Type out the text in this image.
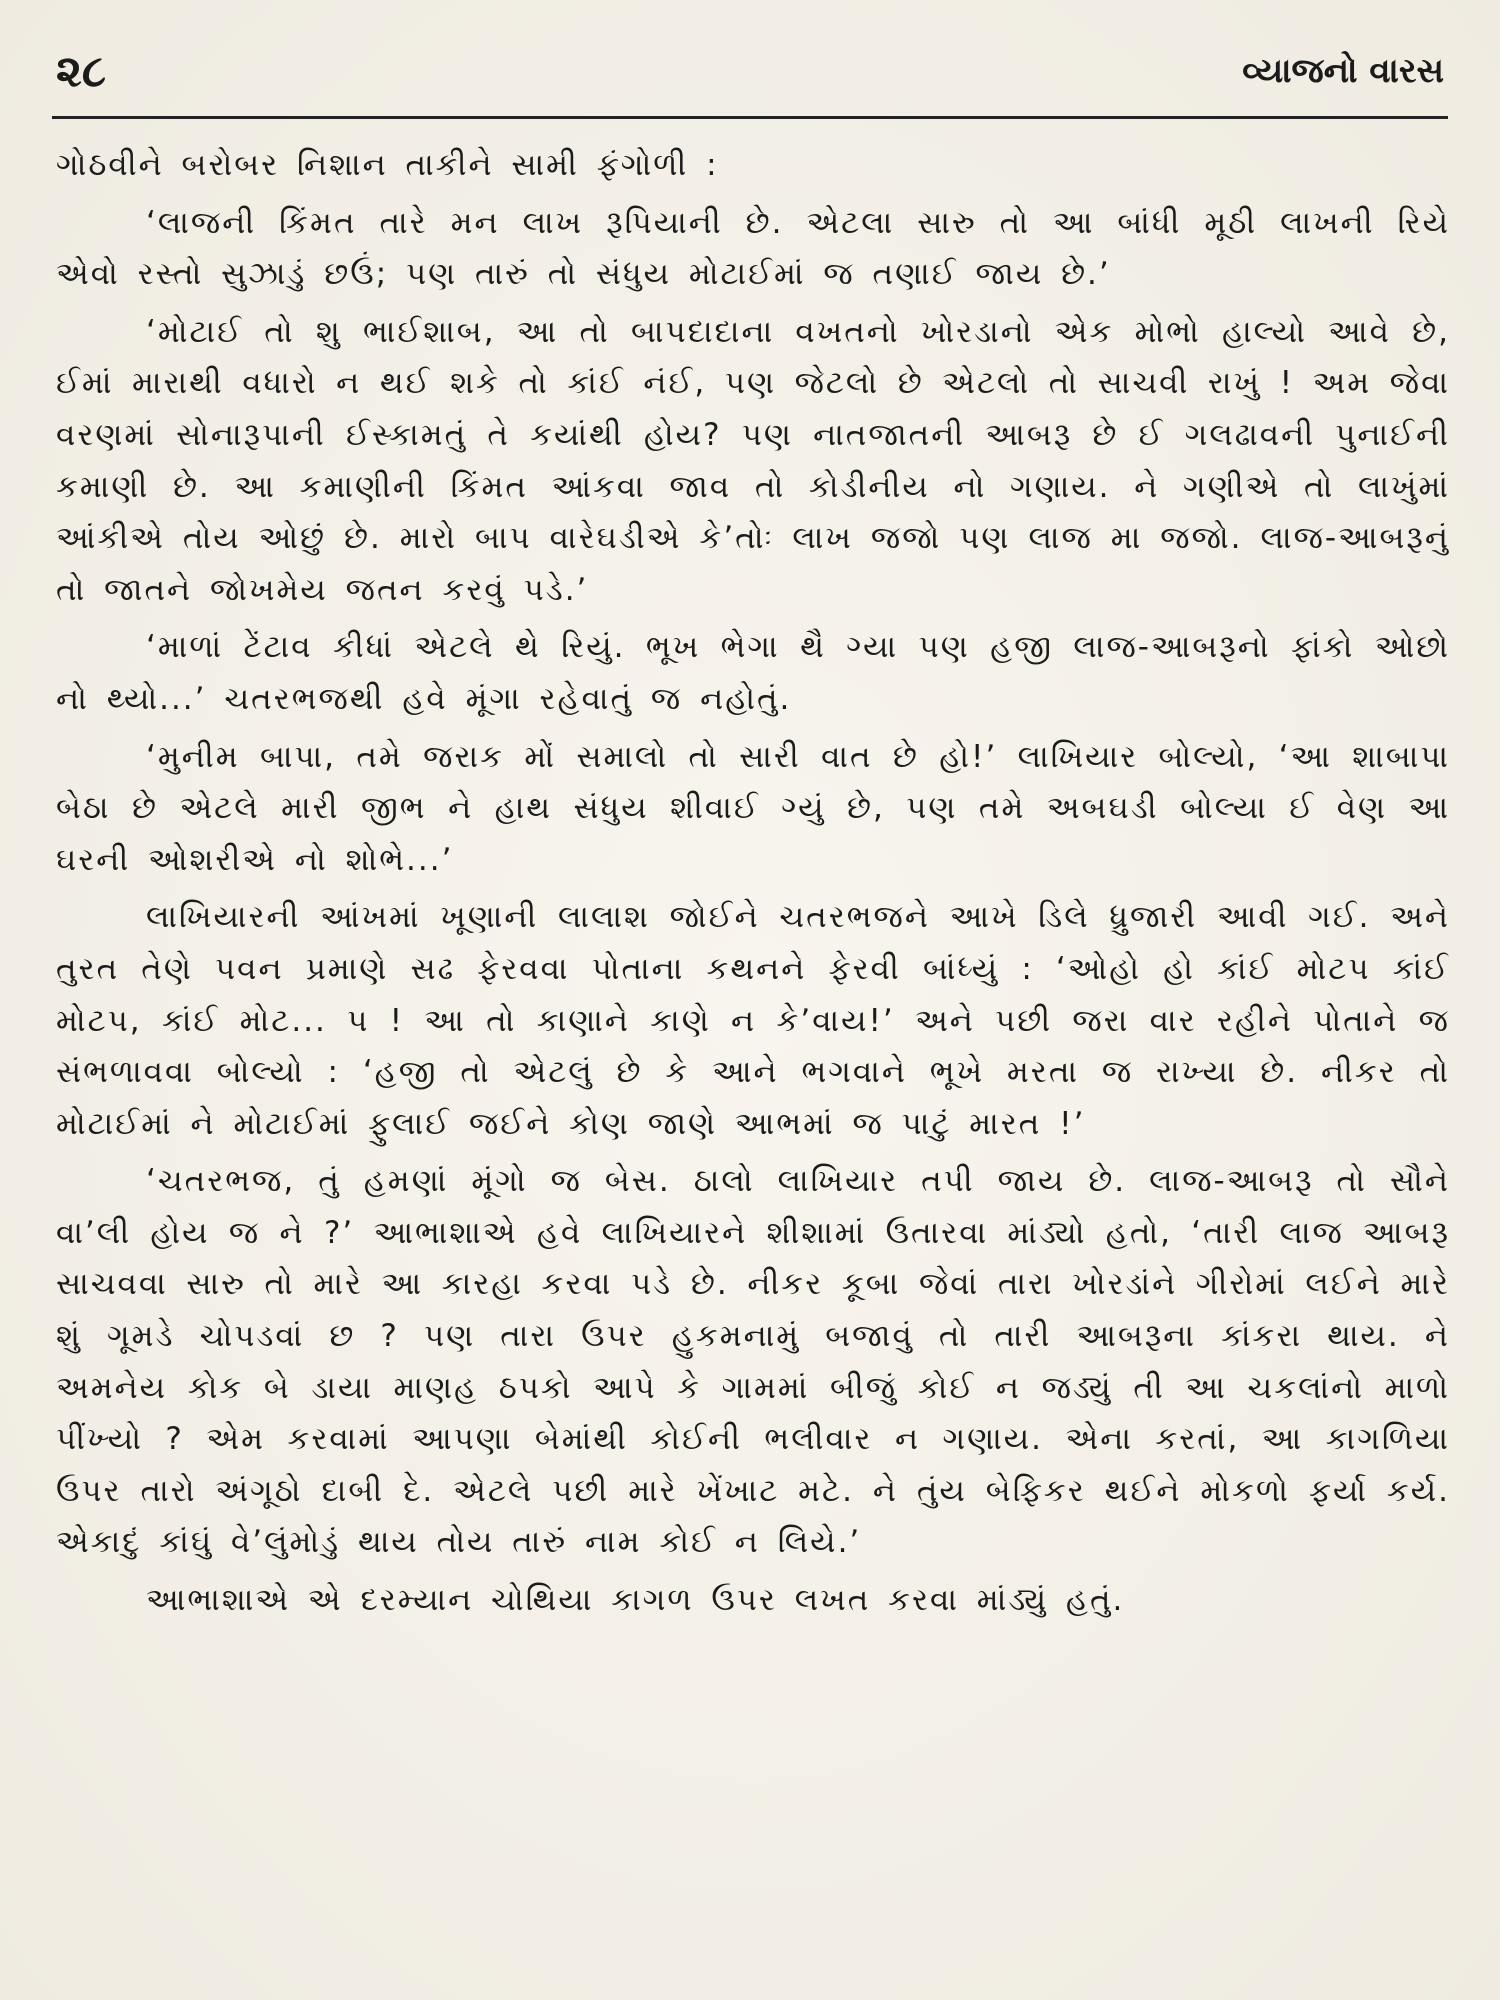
૨૮	વ્યાજનો વારસ

ગોઠવીને બરોબર નિશાન તાકીને સામી ફંગોળી :

‘લાજની કિંમત તારે મન લાખ રૂપિયાની છે. એટલા સારુ તો આ બાંધી મૂઠી લાખની રિયે એવો રસ્તો સુઝાડું છઉં; પણ તારું તો સંધુય મોટાઈમાં જ તણાઈ જાય છે.’

‘મોટાઈ તો શુ ભાઈશાબ, આ તો બાપદાદાના વખતનો ખોરડાનો એક મોભો હાલ્યો આવે છે, ઈમાં મારાથી વધારો ન થઈ શકે તો કાંઈ નંઈ, પણ જેટલો છે એટલો તો સાચવી રાખું ! અમ જેવા વરણમાં સોનારૂપાની ઈસ્કામતું તે કયાંથી હોય? પણ નાતજાતની આબરૂ છે ઈ ગલઢાવની પુનાઈની કમાણી છે. આ કમાણીની કિંમત આંકવા જાવ તો કોડીનીય નો ગણાય. ને ગણીએ તો લાખુંમાં આંકીએ તોય ઓછું છે. મારો બાપ વારેઘડીએ કે’તોઃ લાખ જજો પણ લાજ મા જજો. લાજ-આબરૂનું તો જાતને જોખમેય જતન કરવું પડે.’

‘માળાં ટેંટાવ કીધાં એટલે થે રિયું. ભૂખ ભેગા થૈ ગ્યા પણ હજી લાજ-આબરૂનો ફાંકો ઓછો નો થ્યો...’ ચતરભજથી હવે મૂંગા રહેવાતું જ નહોતું.

‘મુનીમ બાપા, તમે જરાક મોં સમાલો તો સારી વાત છે હો!’ લાખિયાર બોલ્યો, ‘આ શાબાપા બેઠા છે એટલે મારી જીભ ને હાથ સંધુય શીવાઈ ગ્યું છે, પણ તમે અબઘડી બોલ્યા ઈ વેણ આ ઘરની ઓશરીએ નો શોભે...’

લાખિયારની આંખમાં ખૂણાની લાલાશ જોઈને ચતરભજને આખે ડિલે ધ્રુજારી આવી ગઈ. અને તુરત તેણે પવન પ્રમાણે સઢ ફેરવવા પોતાના કથનને ફેરવી બાંધ્યું : ‘ઓહો હો કાંઈ મોટપ કાંઈ મોટપ, કાંઈ મોટ... પ ! આ તો કાણાને કાણે ન કે’વાય!’ અને પછી જરા વાર રહીને પોતાને જ સંભળાવવા બોલ્યો : ‘હજી તો એટલું છે કે આને ભગવાને ભૂખે મરતા જ રાખ્યા છે. નીકર તો મોટાઈમાં ને મોટાઈમાં ફુલાઈ જઈને કોણ જાણે આભમાં જ પાટું મારત !’

‘ચતરભજ, તું હમણાં મૂંગો જ બેસ. ઠાલો લાખિયાર તપી જાય છે. લાજ-આબરૂ તો સૌને વા’લી હોય જ ને ?’ આભાશાએ હવે લાખિયારને શીશામાં ઉતારવા માંડ્યો હતો, ‘તારી લાજ આબરૂ સાચવવા સારુ તો મારે આ કારહા કરવા પડે છે. નીકર કૂબા જેવાં તારા ખોરડાંને ગીરોમાં લઈને મારે શું ગૂમડે ચોપડવાં છ ? પણ તારા ઉપર હુકમનામું બજાવું તો તારી આબરૂના કાંકરા થાય. ને અમનેય કોક બે ડાયા માણહ ઠપકો આપે કે ગામમાં બીજું કોઈ ન જડ્યું તી આ ચકલાંનો માળો પીંખ્યો ? એમ કરવામાં આપણા બેમાંથી કોઈની ભલીવાર ન ગણાય. એના કરતાં, આ કાગળિયા ઉપર તારો અંગૂઠો દાબી દે. એટલે પછી મારે ખેંખાટ મટે. ને તુંય બેફિકર થઈને મોકળો ફર્યા કર્ય. એકાદું કાંઘું વે’લુંમોડું થાય તોય તારું નામ કોઈ ન લિયે.’

આભાશાએ એ દરમ્યાન ચોથિયા કાગળ ઉપર લખત કરવા માંડ્યું હતું.
